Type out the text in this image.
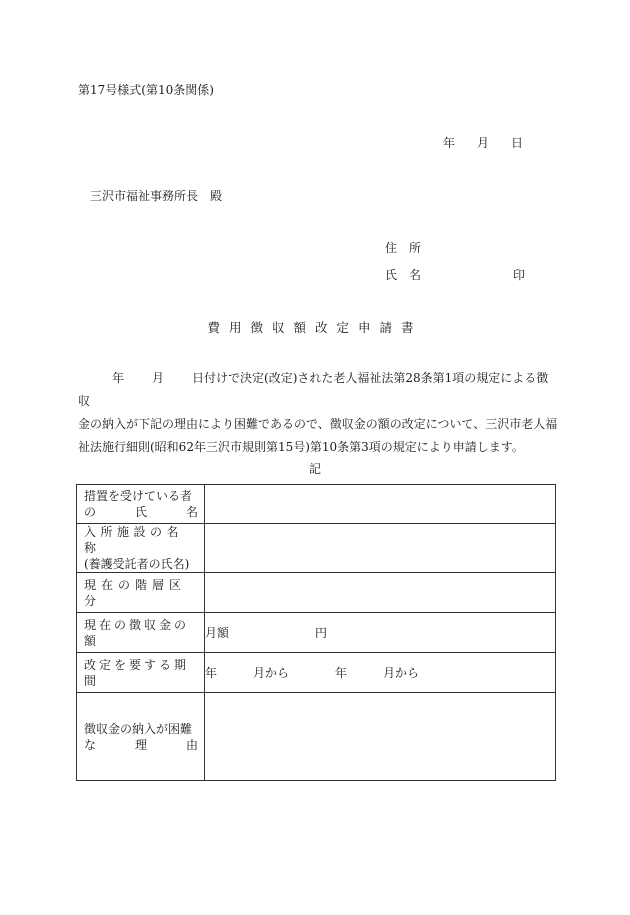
第17号様式(第10条関係)
年 月 日
三沢市福祉事務所長 殿
住　所
氏　名	印
費用徴収額改定申請書
年 月 日付けで決定(改定)された老人福祉法第28条第1項の規定による徴収
金の納入が下記の理由により困難であるので、徴収金の額の改定について、三沢市老人福
祉法施行細則(昭和62年三沢市規則第15号)第10条第3項の規定により申請します。
記
措置を受けている者
の 氏 名	

入所施設の名称
(養護受託者の氏名)	

現在の階層区分	

現在の徴収金の額	月額 円

改定を要する期間	年 月から 年 月から

徴収金の納入が困難
な 理 由	
